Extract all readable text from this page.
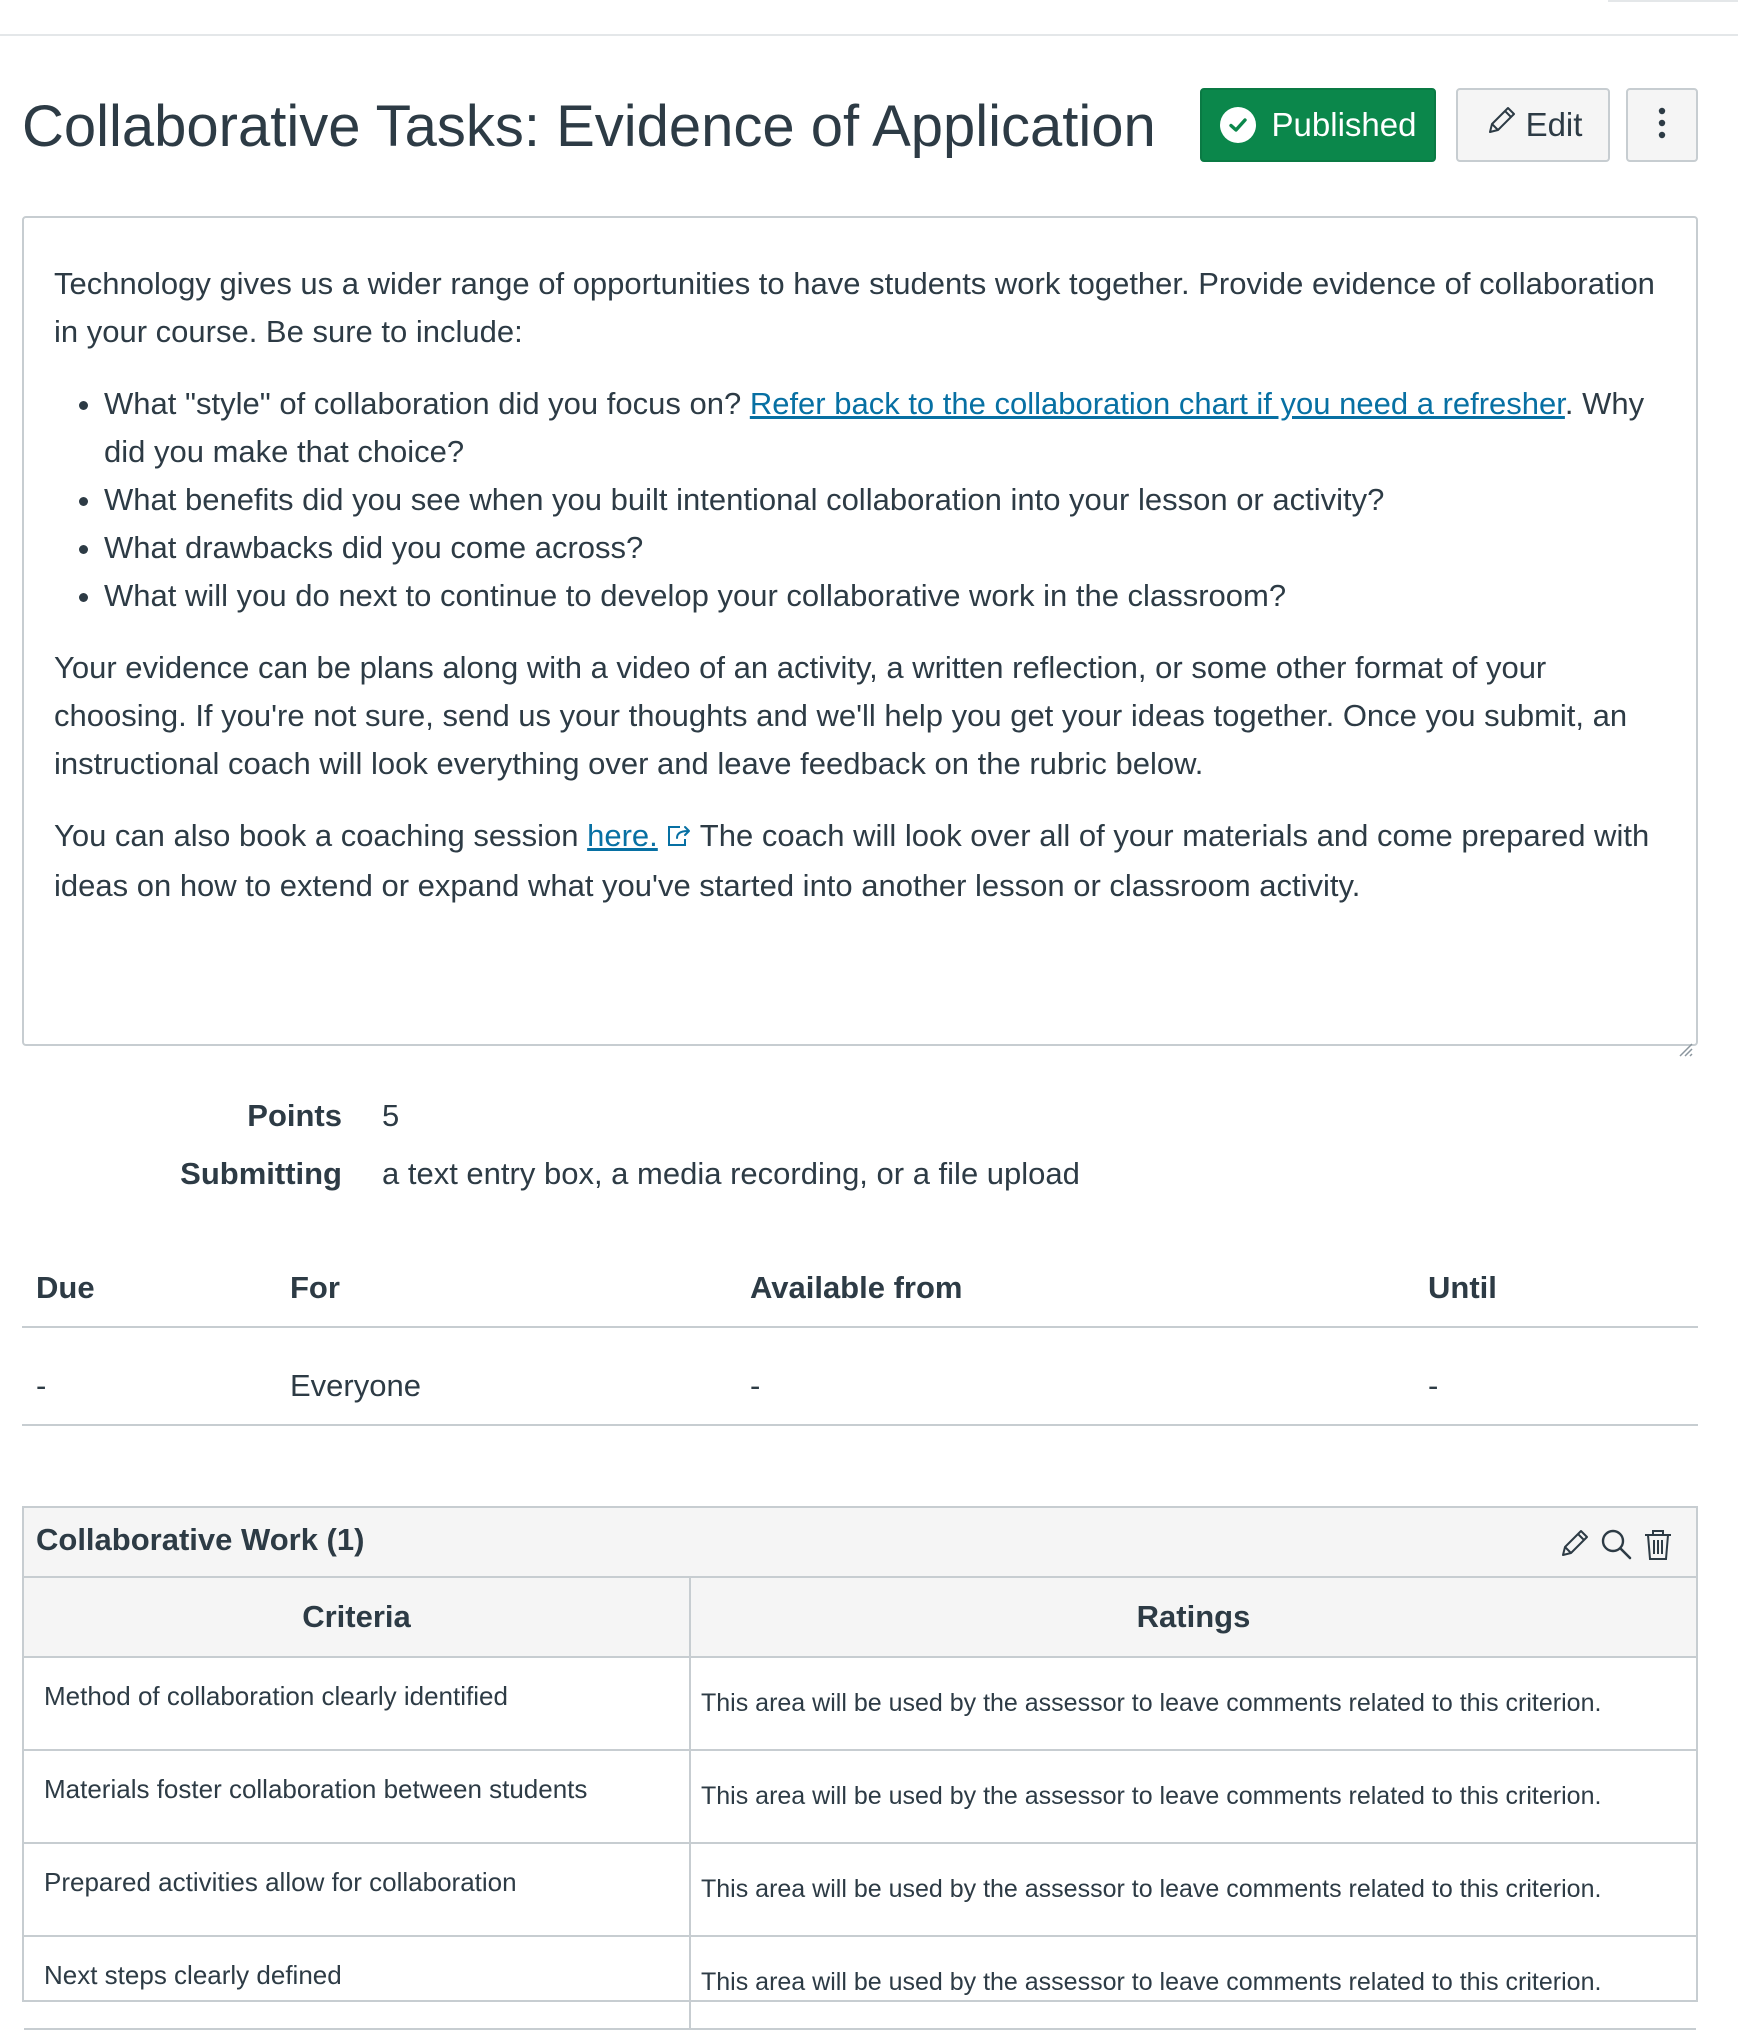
Collaborative Tasks: Evidence of Application	Published	Edit

Technology gives us a wider range of opportunities to have students work together. Provide evidence of collaboration in your course. Be sure to include:

• What "style" of collaboration did you focus on? Refer back to the collaboration chart if you need a refresher. Why did you make that choice?
• What benefits did you see when you built intentional collaboration into your lesson or activity?
• What drawbacks did you come across?
• What will you do next to continue to develop your collaborative work in the classroom?

Your evidence can be plans along with a video of an activity, a written reflection, or some other format of your choosing. If you're not sure, send us your thoughts and we'll help you get your ideas together. Once you submit, an instructional coach will look everything over and leave feedback on the rubric below.

You can also book a coaching session here. The coach will look over all of your materials and come prepared with ideas on how to extend or expand what you've started into another lesson or classroom activity.

Points 5
Submitting a text entry box, a media recording, or a file upload
Due	For	Available from	Until
-	Everyone	-	-
Collaborative Work (1)
Criteria	Ratings
Method of collaboration clearly identified	This area will be used by the assessor to leave comments related to this criterion.
Materials foster collaboration between students	This area will be used by the assessor to leave comments related to this criterion.
Prepared activities allow for collaboration	This area will be used by the assessor to leave comments related to this criterion.
Next steps clearly defined	This area will be used by the assessor to leave comments related to this criterion.
